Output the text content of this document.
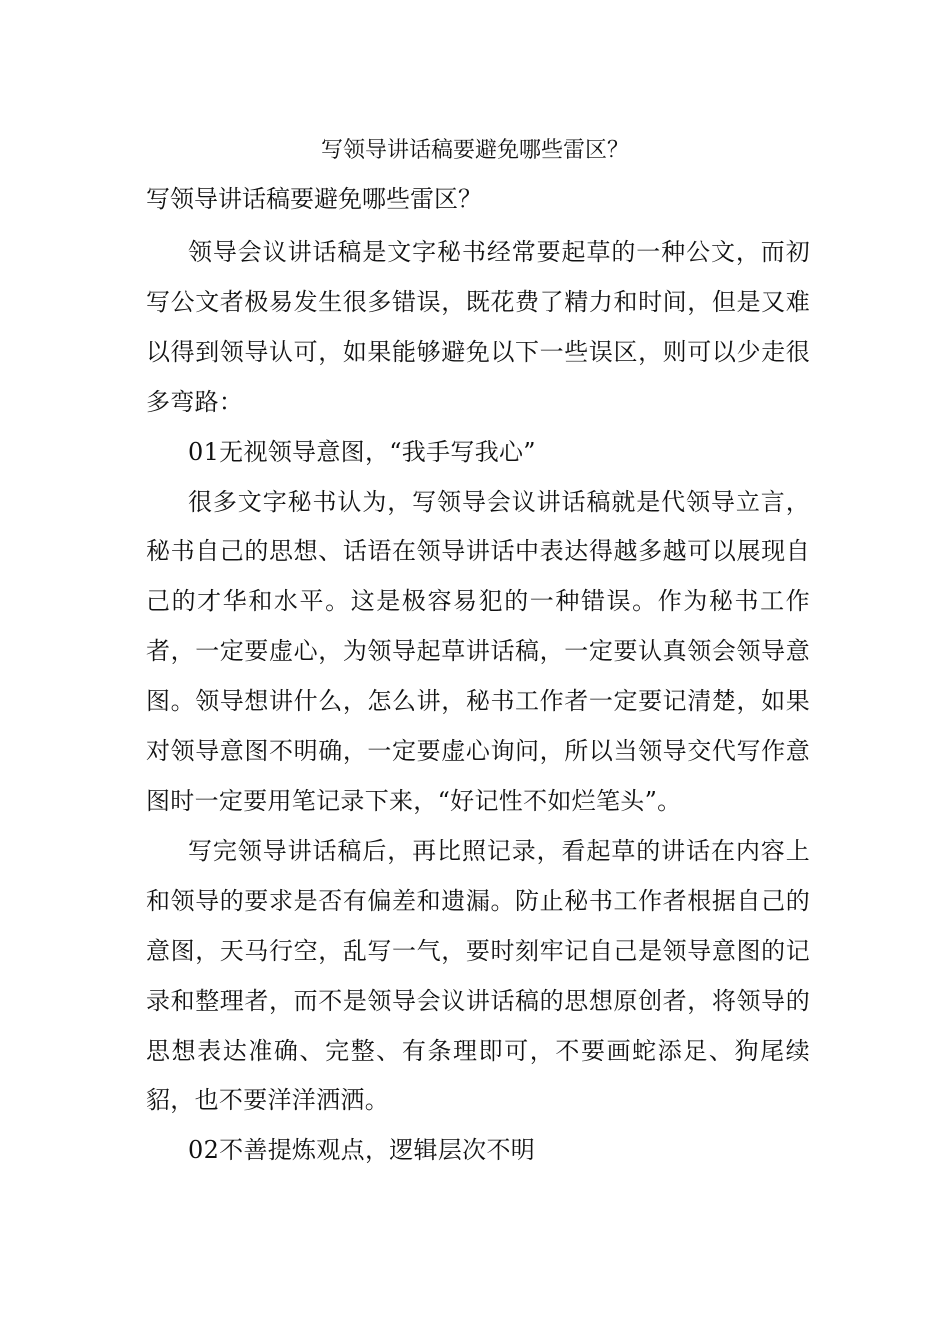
写领导讲话稿要避免哪些雷区？
写领导讲话稿要避免哪些雷区？

领导会议讲话稿是文字秘书经常要起草的一种公文，而初写公文者极易发生很多错误，既花费了精力和时间，但是又难以得到领导认可，如果能够避免以下一些误区，则可以少走很多弯路：

01无视领导意图，“我手写我心”

很多文字秘书认为，写领导会议讲话稿就是代领导立言，秘书自己的思想、话语在领导讲话中表达得越多越可以展现自己的才华和水平。这是极容易犯的一种错误。作为秘书工作者，一定要虚心，为领导起草讲话稿，一定要认真领会领导意图。领导想讲什么，怎么讲，秘书工作者一定要记清楚，如果对领导意图不明确，一定要虚心询问，所以当领导交代写作意图时一定要用笔记录下来，“好记性不如烂笔头”。

写完领导讲话稿后，再比照记录，看起草的讲话在内容上和领导的要求是否有偏差和遗漏。防止秘书工作者根据自己的意图，天马行空，乱写一气，要时刻牢记自己是领导意图的记录和整理者，而不是领导会议讲话稿的思想原创者，将领导的思想表达准确、完整、有条理即可，不要画蛇添足、狗尾续貂，也不要洋洋洒洒。

02不善提炼观点，逻辑层次不明
